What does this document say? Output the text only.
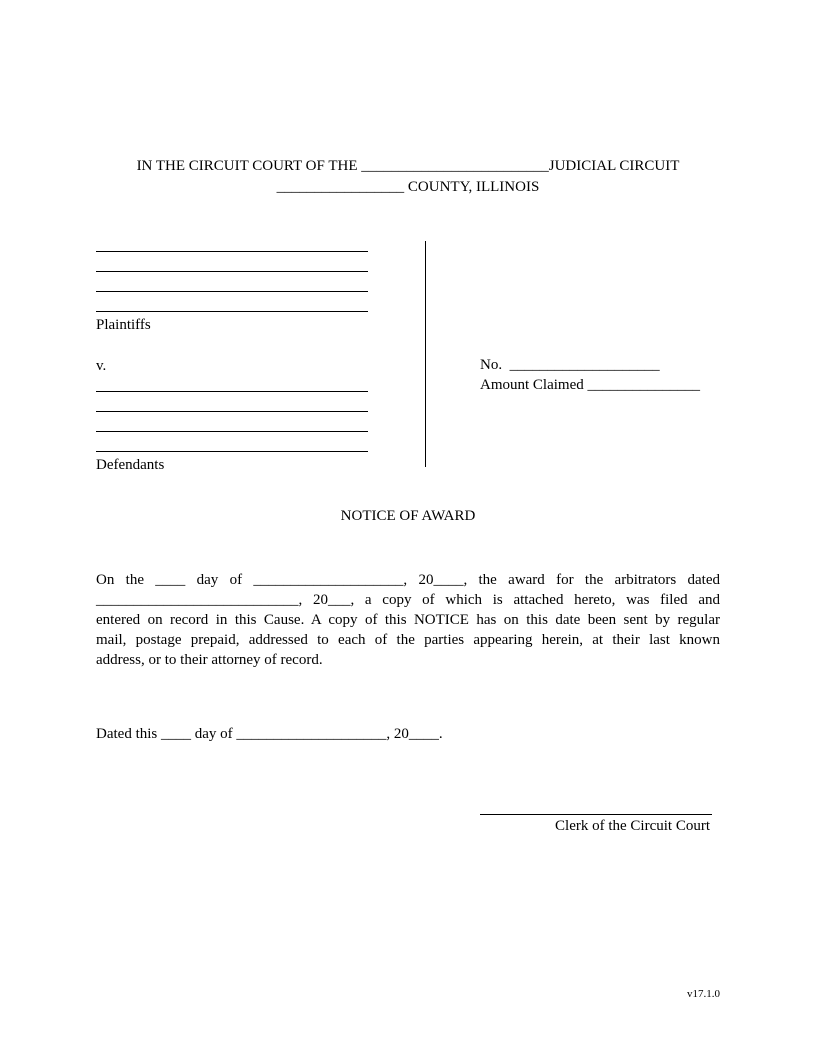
IN THE CIRCUIT COURT OF THE _________________________JUDICIAL CIRCUIT
_________________ COUNTY, ILLINOIS
Plaintiffs
v.
Defendants
No.  ____________________
Amount Claimed _______________
NOTICE OF AWARD
On the ____ day of ____________________, 20____, the award for the arbitrators dated
___________________________, 20___, a copy of which is attached hereto, was filed and
entered on record in this Cause. A copy of this NOTICE has on this date been sent by regular
mail, postage prepaid, addressed to each of the parties appearing herein, at their last known
address, or to their attorney of record.
Dated this ____ day of ____________________, 20____.
Clerk of the Circuit Court
v17.1.0
